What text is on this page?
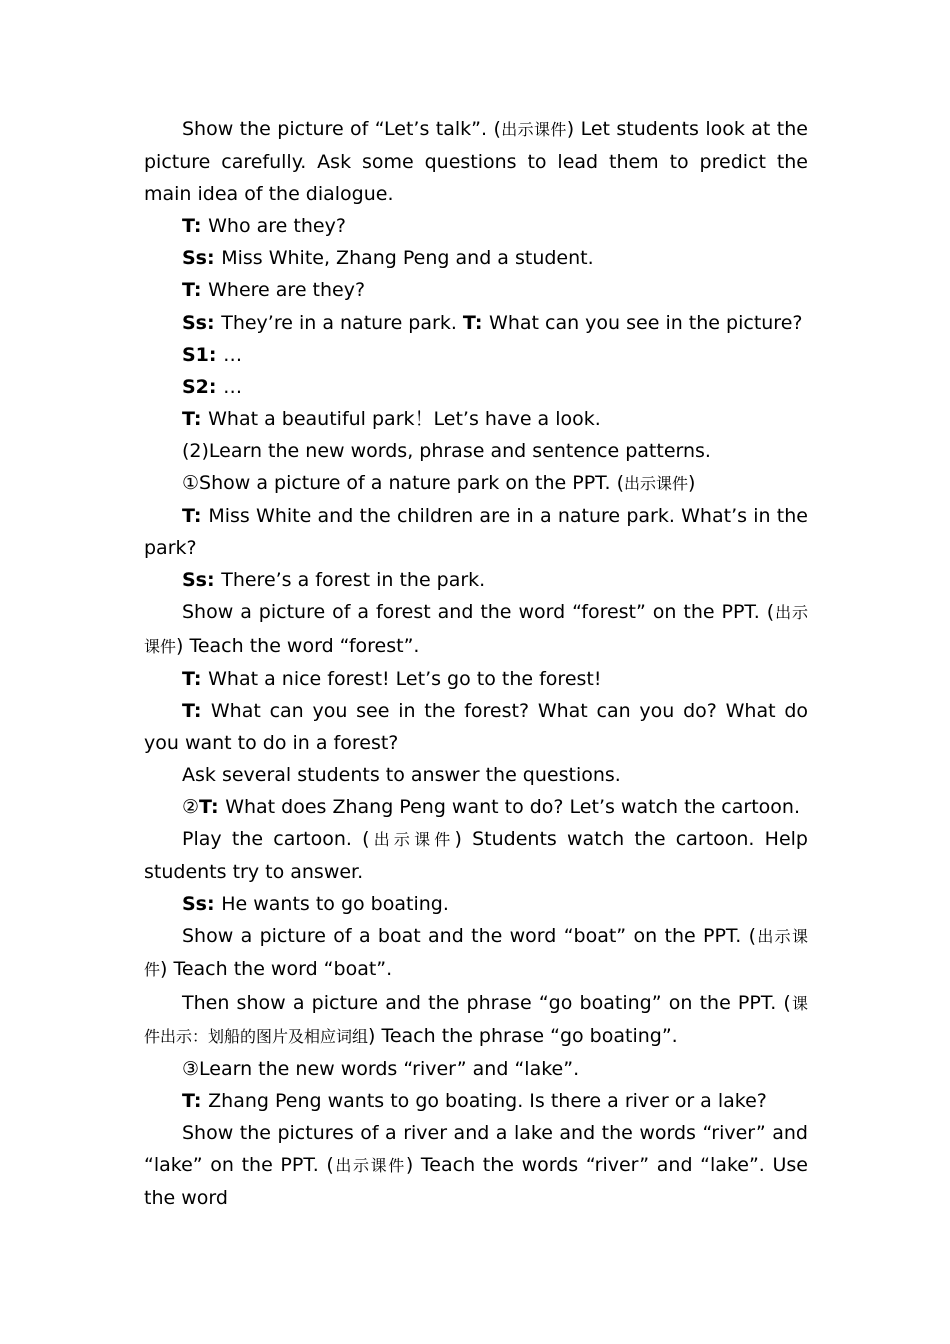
Show the picture of “Let’s talk”. (出示课件) Let students look at the picture carefully. Ask some questions to lead them to predict the main idea of the dialogue.

T: Who are they?

Ss: Miss White, Zhang Peng and a student.

T: Where are they?

Ss: They’re in a nature park. T: What can you see in the picture?

S1: …

S2: …

T: What a beautiful park！Let’s have a look.

(2)Learn the new words, phrase and sentence patterns.

①Show a picture of a nature park on the PPT. (出示课件)

T: Miss White and the children are in a nature park. What’s in the park?

Ss: There’s a forest in the park.

Show a picture of a forest and the word “forest” on the PPT. (出示课件) Teach the word “forest”.

T: What a nice forest! Let’s go to the forest!

T: What can you see in the forest? What can you do? What do you want to do in a forest?

Ask several students to answer the questions.

②T: What does Zhang Peng want to do? Let’s watch the cartoon.

Play the cartoon. (出示课件) Students watch the cartoon. Help students try to answer.

Ss: He wants to go boating.

Show a picture of a boat and the word “boat” on the PPT. (出示课件) Teach the word “boat”.

Then show a picture and the phrase “go boating” on the PPT. (课件出示：划船的图片及相应词组) Teach the phrase “go boating”.

③Learn the new words “river” and “lake”.

T: Zhang Peng wants to go boating. Is there a river or a lake?

Show the pictures of a river and a lake and the words “river” and “lake” on the PPT. (出示课件) Teach the words “river” and “lake”. Use the word
